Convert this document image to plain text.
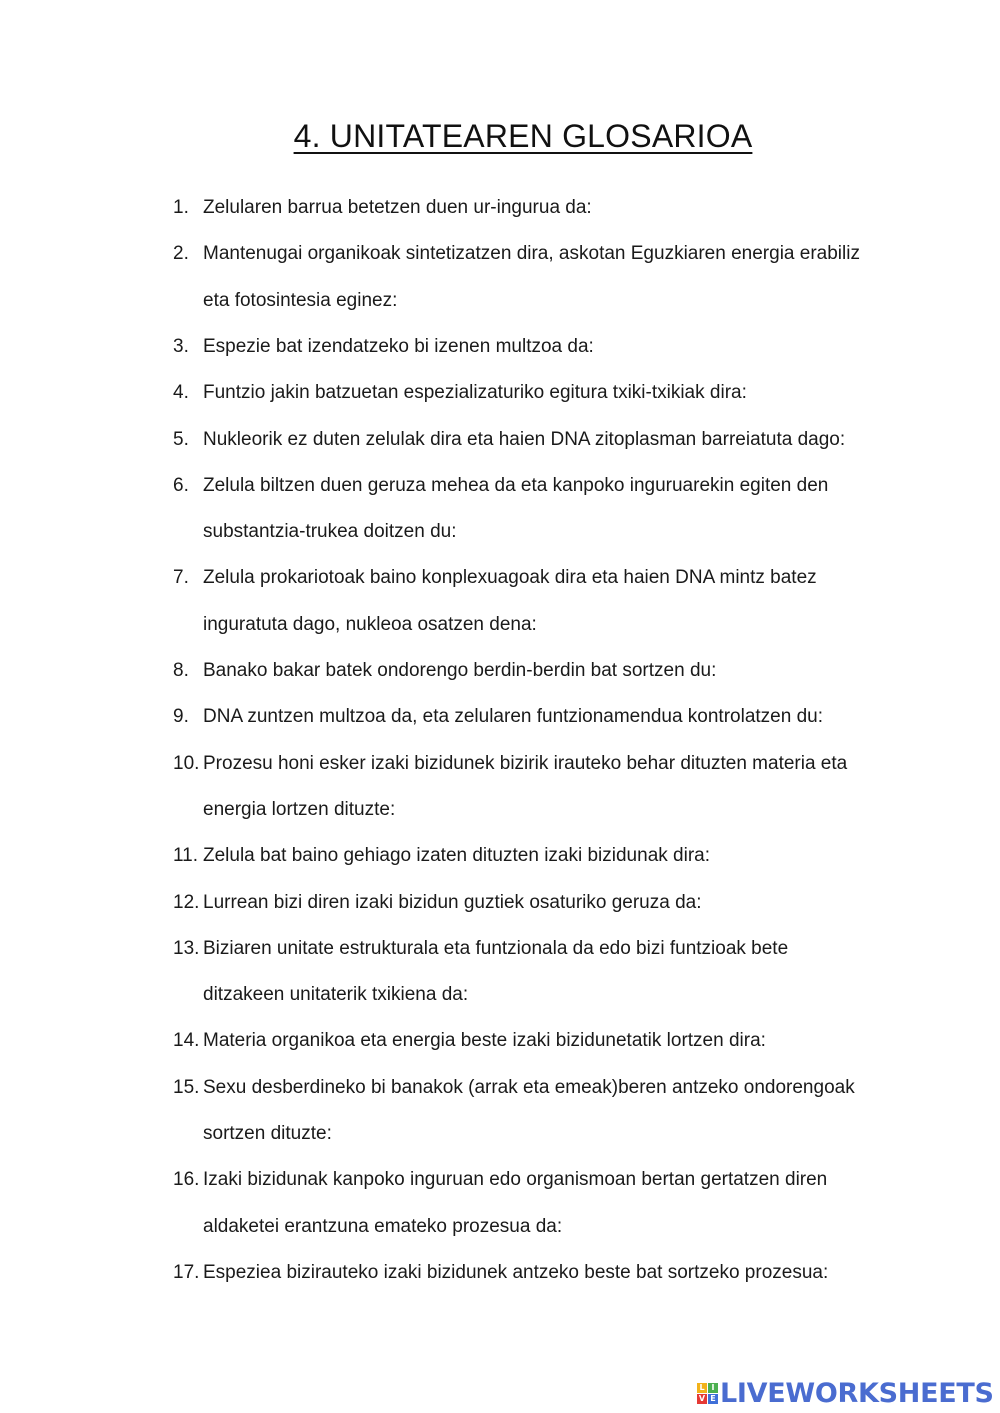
4. UNITATEAREN GLOSARIOA
1. Zelularen barrua betetzen duen ur-ingurua da:
2. Mantenugai organikoak sintetizatzen dira, askotan Eguzkiaren energia erabiliz
eta fotosintesia eginez:
3. Espezie bat izendatzeko bi izenen multzoa da:
4. Funtzio jakin batzuetan espezializaturiko egitura txiki-txikiak dira:
5. Nukleorik ez duten zelulak dira eta haien DNA zitoplasman barreiatuta dago:
6. Zelula biltzen duen geruza mehea da eta kanpoko inguruarekin egiten den
substantzia-trukea doitzen du:
7. Zelula prokariotoak baino konplexuagoak dira eta haien DNA mintz batez
inguratuta dago, nukleoa osatzen dena:
8. Banako bakar batek ondorengo berdin-berdin bat sortzen du:
9. DNA zuntzen multzoa da, eta zelularen funtzionamendua kontrolatzen du:
10. Prozesu honi esker izaki bizidunek bizirik irauteko behar dituzten materia eta
energia lortzen dituzte:
11. Zelula bat baino gehiago izaten dituzten izaki bizidunak dira:
12. Lurrean bizi diren izaki bizidun guztiek osaturiko geruza da:
13. Biziaren unitate estrukturala eta funtzionala da edo bizi funtzioak bete
ditzakeen unitaterik txikiena da:
14. Materia organikoa eta energia beste izaki bizidunetatik lortzen dira:
15. Sexu desberdineko bi banakok (arrak eta emeak)beren antzeko ondorengoak
sortzen dituzte:
16. Izaki bizidunak kanpoko inguruan edo organismoan bertan gertatzen diren
aldaketei erantzuna emateko prozesua da:
17. Espeziea bizirauteko izaki bizidunek antzeko beste bat sortzeko prozesua:
L I
V E LIVEWORKSHEETS
